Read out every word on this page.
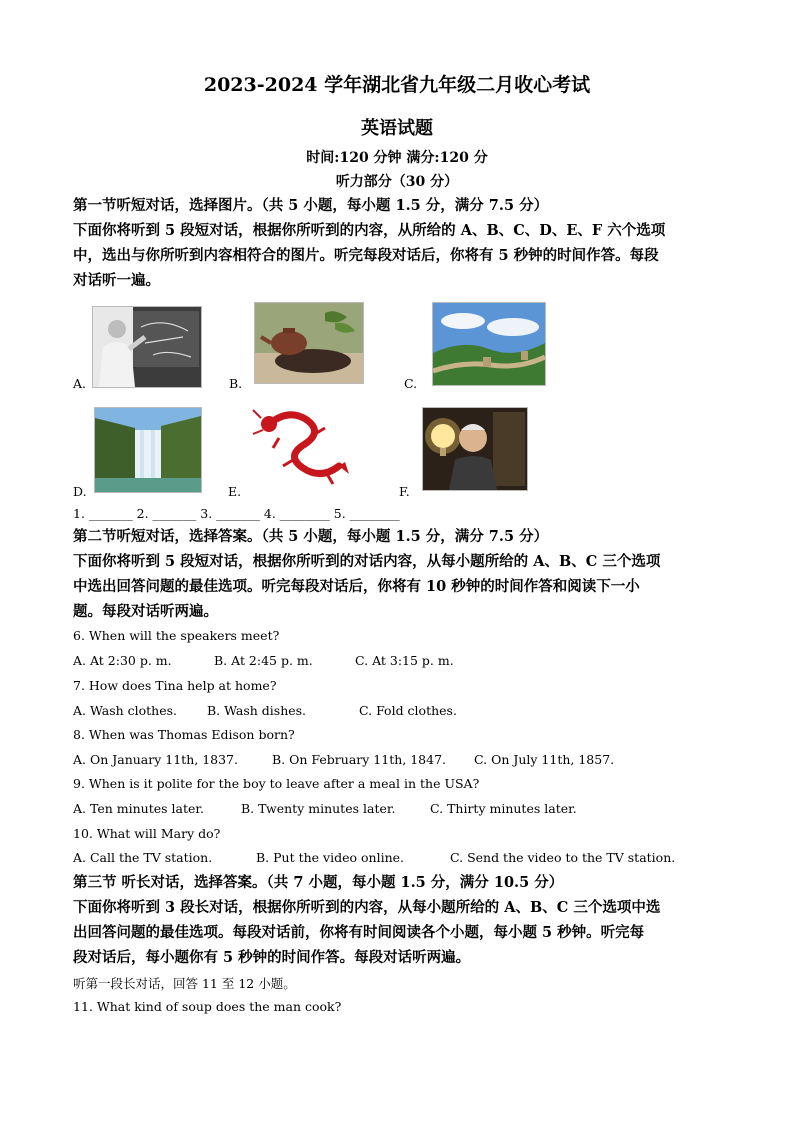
2023-2024 学年湖北省九年级二月收心考试
英语试题
时间:120 分钟 满分:120 分
听力部分（30 分）
第一节听短对话，选择图片。（共 5 小题，每小题 1.5 分，满分 7.5 分）
下面你将听到 5 段短对话，根据你所听到的内容，从所给的 A、B、C、D、E、F 六个选项
中，选出与你所听到内容相符合的图片。听完每段对话后，你将有 5 秒钟的时间作答。每段
对话听一遍。
A.	B.	C.
D.	E.	F.
1. _______ 2. _______ 3. _______ 4. ________ 5. ________
第二节听短对话，选择答案。（共 5 小题，每小题 1.5 分，满分 7.5 分）
下面你将听到 5 段短对话，根据你所听到的对话内容，从每小题所给的 A、B、C 三个选项
中选出回答问题的最佳选项。听完每段对话后，你将有 10 秒钟的时间作答和阅读下一小
题。每段对话听两遍。
6. When will the speakers meet?
A. At 2:30 p. m.	B. At 2:45 p. m.	C. At 3:15 p. m.
7. How does Tina help at home?
A. Wash clothes. B. Wash dishes.	C. Fold clothes.
8. When was Thomas Edison born?
A. On January 11th, 1837.	B. On February 11th, 1847. C. On July 11th, 1857.
9. When is it polite for the boy to leave after a meal in the USA?
A. Ten minutes later.	B. Twenty minutes later.	C. Thirty minutes later.
10. What will Mary do?
A. Call the TV station.	B. Put the video online.	C. Send the video to the TV station.
第三节 听长对话，选择答案。（共 7 小题，每小题 1.5 分，满分 10.5 分）
下面你将听到 3 段长对话，根据你所听到的内容，从每小题所给的 A、B、C 三个选项中选
出回答问题的最佳选项。每段对话前，你将有时间阅读各个小题，每小题 5 秒钟。听完每
段对话后，每小题你有 5 秒钟的时间作答。每段对话听两遍。
听第一段长对话，回答 11 至 12 小题。
11. What kind of soup does the man cook?
